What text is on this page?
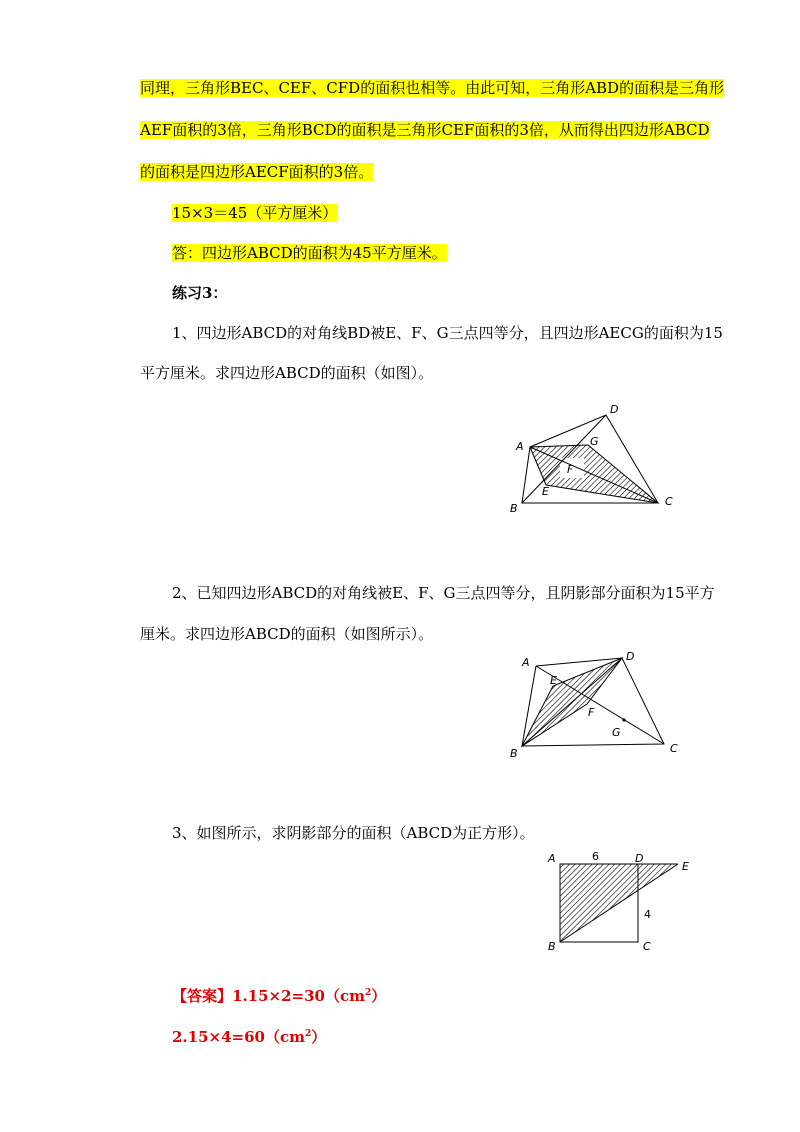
同理，三角形BEC、CEF、CFD的面积也相等。由此可知，三角形ABD的面积是三角形
AEF面积的3倍，三角形BCD的面积是三角形CEF面积的3倍，从而得出四边形ABCD
的面积是四边形AECF面积的3倍。
15×3＝45（平方厘米）
答：四边形ABCD的面积为45平方厘米。
练习3：
1、四边形ABCD的对角线BD被E、F、G三点四等分，且四边形AECG的面积为15
平方厘米。求四边形ABCD的面积（如图）。
A
D
G
F
E
B
C
2、已知四边形ABCD的对角线被E、F、G三点四等分，且阴影部分面积为15平方
厘米。求四边形ABCD的面积（如图所示）。
A	D
E
F
G
B	C
3、如图所示，求阴影部分的面积（ABCD为正方形）。
A	6	D
E
4
B	C
【答案】$1.15\times 2=30(cm^2)$
$2.15\times 4=60(cm^2)$
